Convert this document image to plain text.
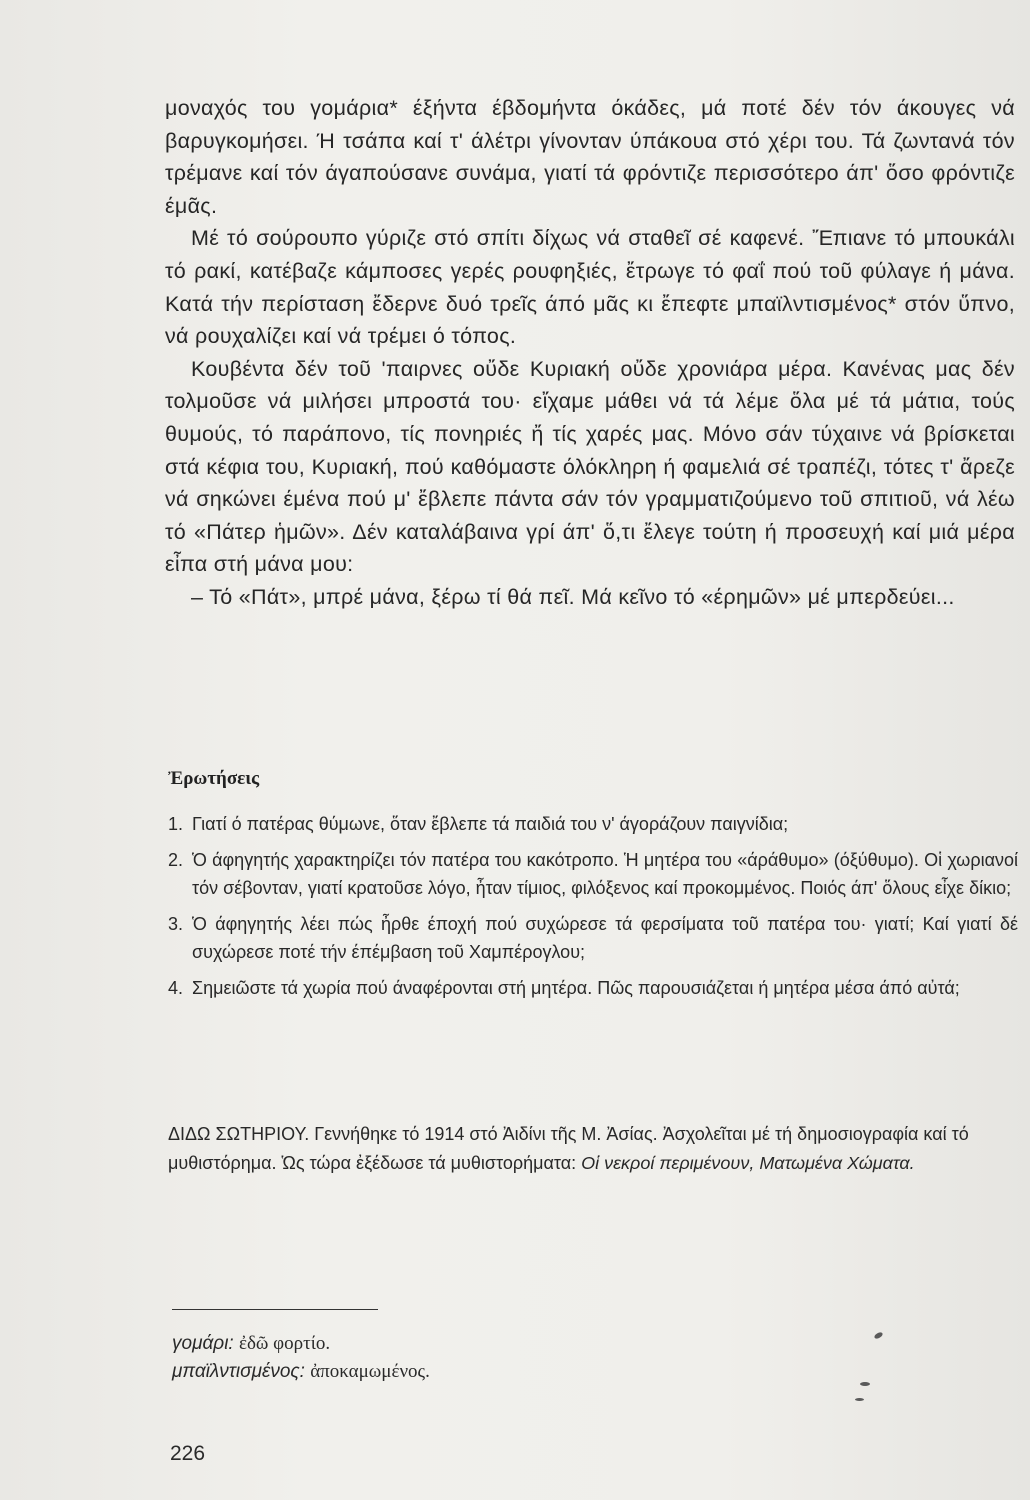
μοναχός του γομάρια* έξήντα έβδομήντα όκάδες, μά ποτέ δέν τόν άκουγες νά βαρυγκομήσει. Ή τσάπα καί τ' άλέτρι γίνονταν ύπάκουα στό χέρι του. Τά ζωντανά τόν τρέμανε καί τόν άγαπούσανε συνάμα, γιατί τά φρόντιζε περισσότερο άπ' ὅσο φρόντιζε έμᾶς.

Μέ τό σούρουπο γύριζε στό σπίτι δίχως νά σταθεῖ σέ καφενέ. Ἔπιανε τό μπουκάλι τό ρακί, κατέβαζε κάμποσες γερές ρουφηξιές, ἔτρωγε τό φαΐ πού τοῦ φύλαγε ή μάνα. Κατά τήν περίσταση ἔδερνε δυό τρεῖς άπό μᾶς κι ἔπεφτε μπαϊλντισμένος* στόν ὕπνο, νά ρουχαλίζει καί νά τρέμει ό τόπος.

Κουβέντα δέν τοῦ 'παιρνες οὔδε Κυριακή οὔδε χρονιάρα μέρα. Κανένας μας δέν τολμοῦσε νά μιλήσει μπροστά του· εἴχαμε μάθει νά τά λέμε ὅλα μέ τά μάτια, τούς θυμούς, τό παράπονο, τίς πονηριές ἤ τίς χαρές μας. Μόνο σάν τύχαινε νά βρίσκεται στά κέφια του, Κυριακή, πού καθόμαστε όλόκληρη ή φαμελιά σέ τραπέζι, τότες τ' ἄρεζε νά σηκώνει έμένα πού μ' ἔβλεπε πάντα σάν τόν γραμματιζούμενο τοῦ σπιτιοῦ, νά λέω τό «Πάτερ ἡμῶν». Δέν καταλάβαινα γρί άπ' ὅ,τι ἔλεγε τούτη ή προσευχή καί μιά μέρα εἶπα στή μάνα μου:

– Τό «Πάτ», μπρέ μάνα, ξέρω τί θά πεῖ. Μά κεῖνο τό «έρημῶν» μέ μπερδεύει...

Ἐρωτήσεις
1. Γιατί ό πατέρας θύμωνε, ὅταν ἔβλεπε τά παιδιά του ν' άγοράζουν παιγνίδια;
2. Ὁ άφηγητής χαρακτηρίζει τόν πατέρα του κακότροπο. Ἡ μητέρα του «άράθυμο» (όξύθυμο). Οἱ χωριανοί τόν σέβονταν, γιατί κρατοῦσε λόγο, ἦταν τίμιος, φιλόξενος καί προκομμένος. Ποιός άπ' ὅλους εἶχε δίκιο;
3. Ὁ άφηγητής λέει πώς ἦρθε έποχή πού συχώρεσε τά φερσίματα τοῦ πατέρα του· γιατί; Καί γιατί δέ συχώρεσε ποτέ τήν έπέμβαση τοῦ Χαμπέρογλου;
4. Σημειῶστε τά χωρία πού άναφέρονται στή μητέρα. Πῶς παρουσιάζεται ή μητέρα μέσα άπό αὐτά;
ΔΙΔΩ ΣΩΤΗΡΙΟΥ. Γεννήθηκε τό 1914 στό Ἀιδίνι τῆς Μ. Ἀσίας. Ἀσχολεῖται μέ τή δημοσιογραφία καί τό μυθιστόρημα. Ὡς τώρα ἐξέδωσε τά μυθιστορήματα: Οἱ νεκροί περιμένουν, Ματωμένα Χώματα.
γομάρι: ἐδῶ φορτίο.
μπαϊλντισμένος: ἀποκαμωμένος.
226
